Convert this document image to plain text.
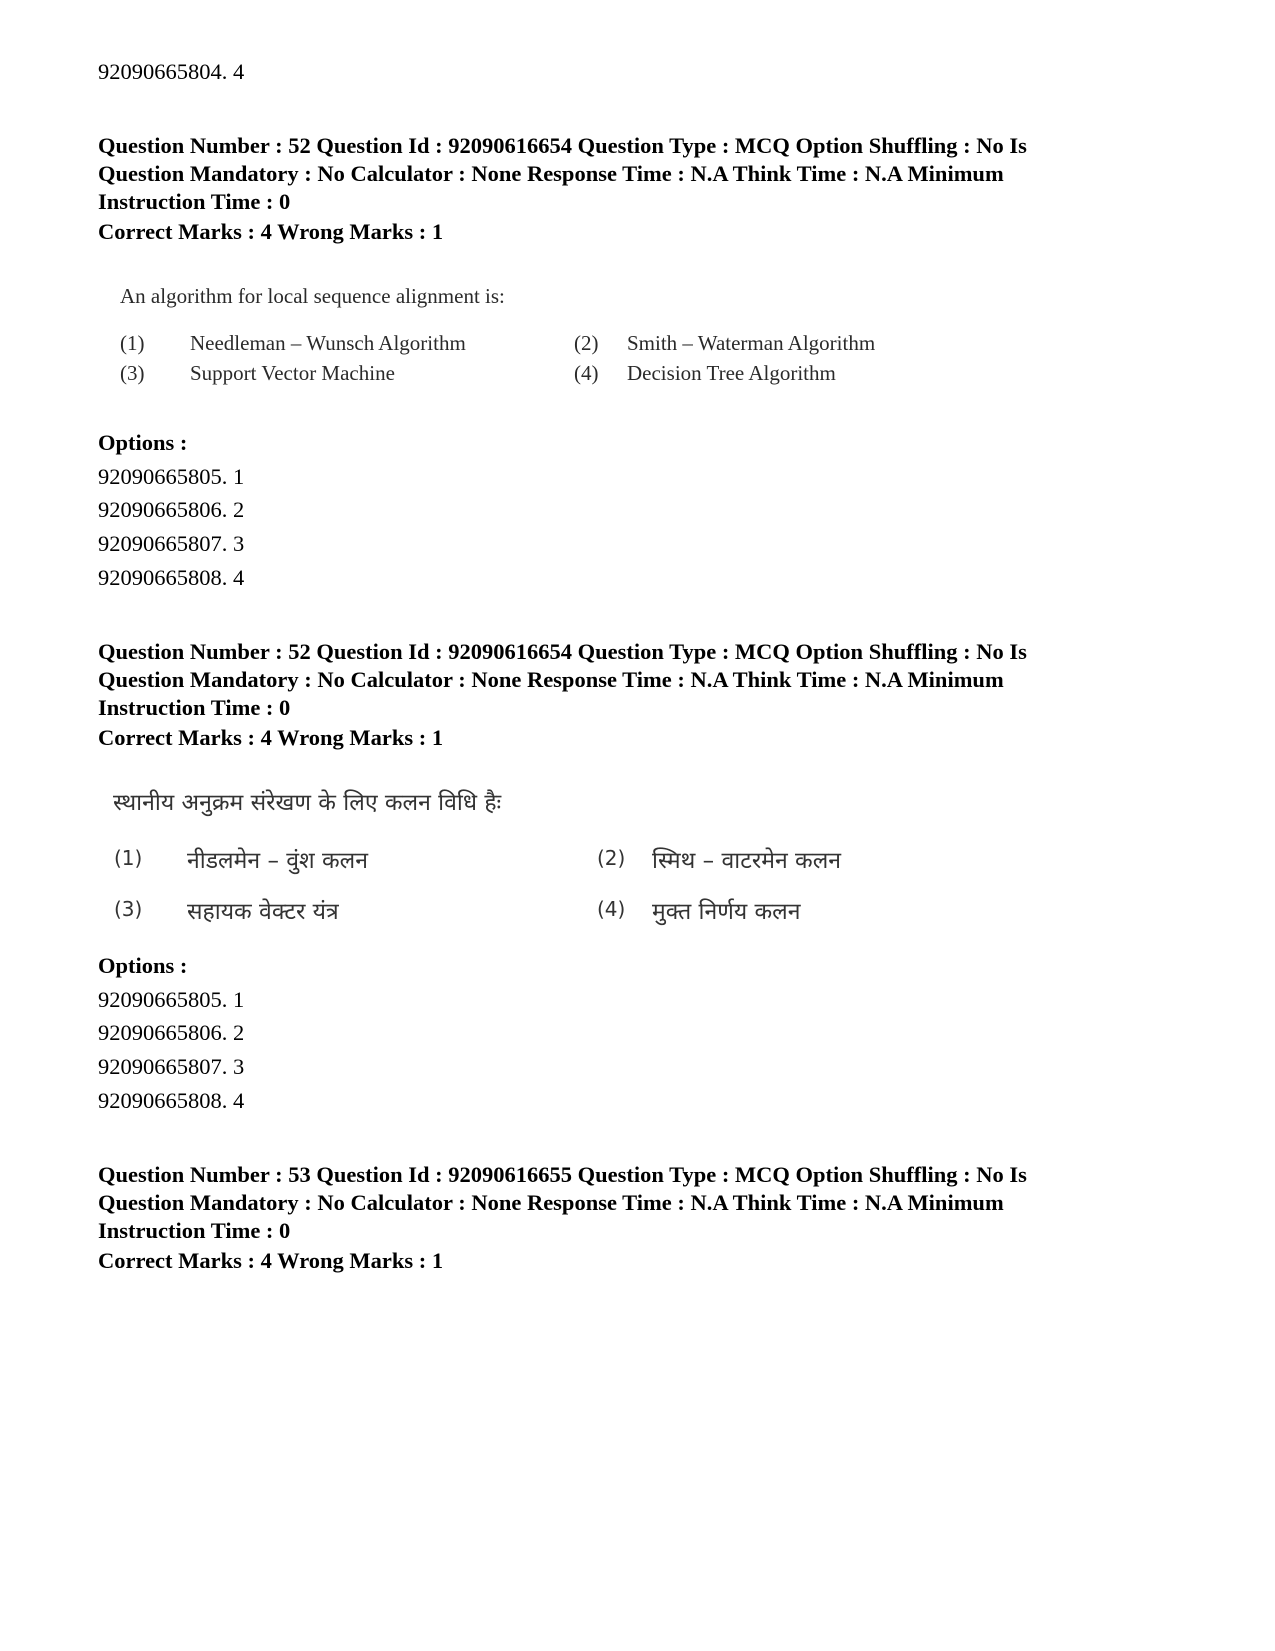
92090665804. 4
Question Number : 52 Question Id : 92090616654 Question Type : MCQ Option Shuffling : No Is
Question Mandatory : No Calculator : None Response Time : N.A Think Time : N.A Minimum
Instruction Time : 0
Correct Marks : 4 Wrong Marks : 1
An algorithm for local sequence alignment is:
(1) Needleman – Wunsch Algorithm	(2) Smith – Waterman Algorithm
(3) Support Vector Machine	(4) Decision Tree Algorithm
Options :
92090665805. 1
92090665806. 2
92090665807. 3
92090665808. 4
Question Number : 52 Question Id : 92090616654 Question Type : MCQ Option Shuffling : No Is
Question Mandatory : No Calculator : None Response Time : N.A Think Time : N.A Minimum
Instruction Time : 0
Correct Marks : 4 Wrong Marks : 1
स्थानीय अनुक्रम संरेखण के लिए कलन विधि हैः
(1) नीडलमेन – वुंश कलन	(2) स्मिथ – वाटरमेन कलन
(3) सहायक वेक्टर यंत्र	(4) मुक्त निर्णय कलन
Options :
92090665805. 1
92090665806. 2
92090665807. 3
92090665808. 4
Question Number : 53 Question Id : 92090616655 Question Type : MCQ Option Shuffling : No Is
Question Mandatory : No Calculator : None Response Time : N.A Think Time : N.A Minimum
Instruction Time : 0
Correct Marks : 4 Wrong Marks : 1
